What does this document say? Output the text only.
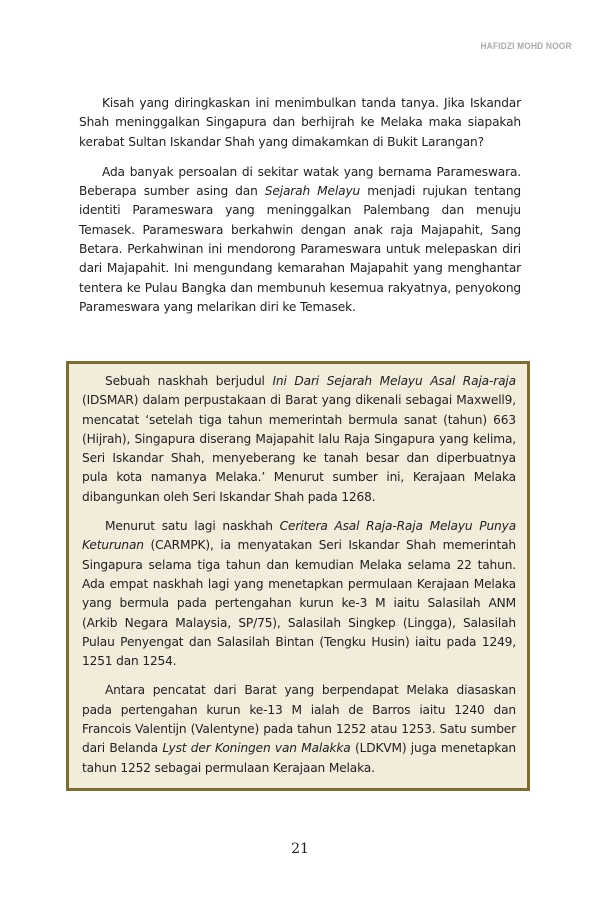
HAFIDZI MOHD NOOR

Kisah yang diringkaskan ini menimbulkan tanda tanya. Jika Iskandar Shah meninggalkan Singapura dan berhijrah ke Melaka maka siapakah kerabat Sultan Iskandar Shah yang dimakamkan di Bukit Larangan?

Ada banyak persoalan di sekitar watak yang bernama Parameswara. Beberapa sumber asing dan Sejarah Melayu menjadi rujukan tentang identiti Parameswara yang meninggalkan Palembang dan menuju Temasek. Parameswara berkahwin dengan anak raja Majapahit, Sang Betara. Perkahwinan ini mendorong Parameswara untuk melepaskan diri dari Majapahit. Ini mengundang kemarahan Majapahit yang menghantar tentera ke Pulau Bangka dan membunuh kesemua rakyatnya, penyokong Parameswara yang melarikan diri ke Temasek.

Sebuah naskhah berjudul Ini Dari Sejarah Melayu Asal Raja-raja (IDSMAR) dalam perpustakaan di Barat yang dikenali sebagai Maxwell9, mencatat ‘setelah tiga tahun memerintah bermula sanat (tahun) 663 (Hijrah), Singapura diserang Majapahit lalu Raja Singapura yang kelima, Seri Iskandar Shah, menyeberang ke tanah besar dan diperbuatnya pula kota namanya Melaka.’ Menurut sumber ini, Kerajaan Melaka dibangunkan oleh Seri Iskandar Shah pada 1268.

Menurut satu lagi naskhah Ceritera Asal Raja-Raja Melayu Punya Keturunan (CARMPK), ia menyatakan Seri Iskandar Shah memerintah Singapura selama tiga tahun dan kemudian Melaka selama 22 tahun. Ada empat naskhah lagi yang menetapkan permulaan Kerajaan Melaka yang bermula pada pertengahan kurun ke-3 M iaitu Salasilah ANM (Arkib Negara Malaysia, SP/75), Salasilah Singkep (Lingga), Salasilah Pulau Penyengat dan Salasilah Bintan (Tengku Husin) iaitu pada 1249, 1251 dan 1254.

Antara pencatat dari Barat yang berpendapat Melaka diasaskan pada pertengahan kurun ke-13 M ialah de Barros iaitu 1240 dan Francois Valentijn (Valentyne) pada tahun 1252 atau 1253. Satu sumber dari Belanda Lyst der Koningen van Malakka (LDKVM) juga menetapkan tahun 1252 sebagai permulaan Kerajaan Melaka.

21
